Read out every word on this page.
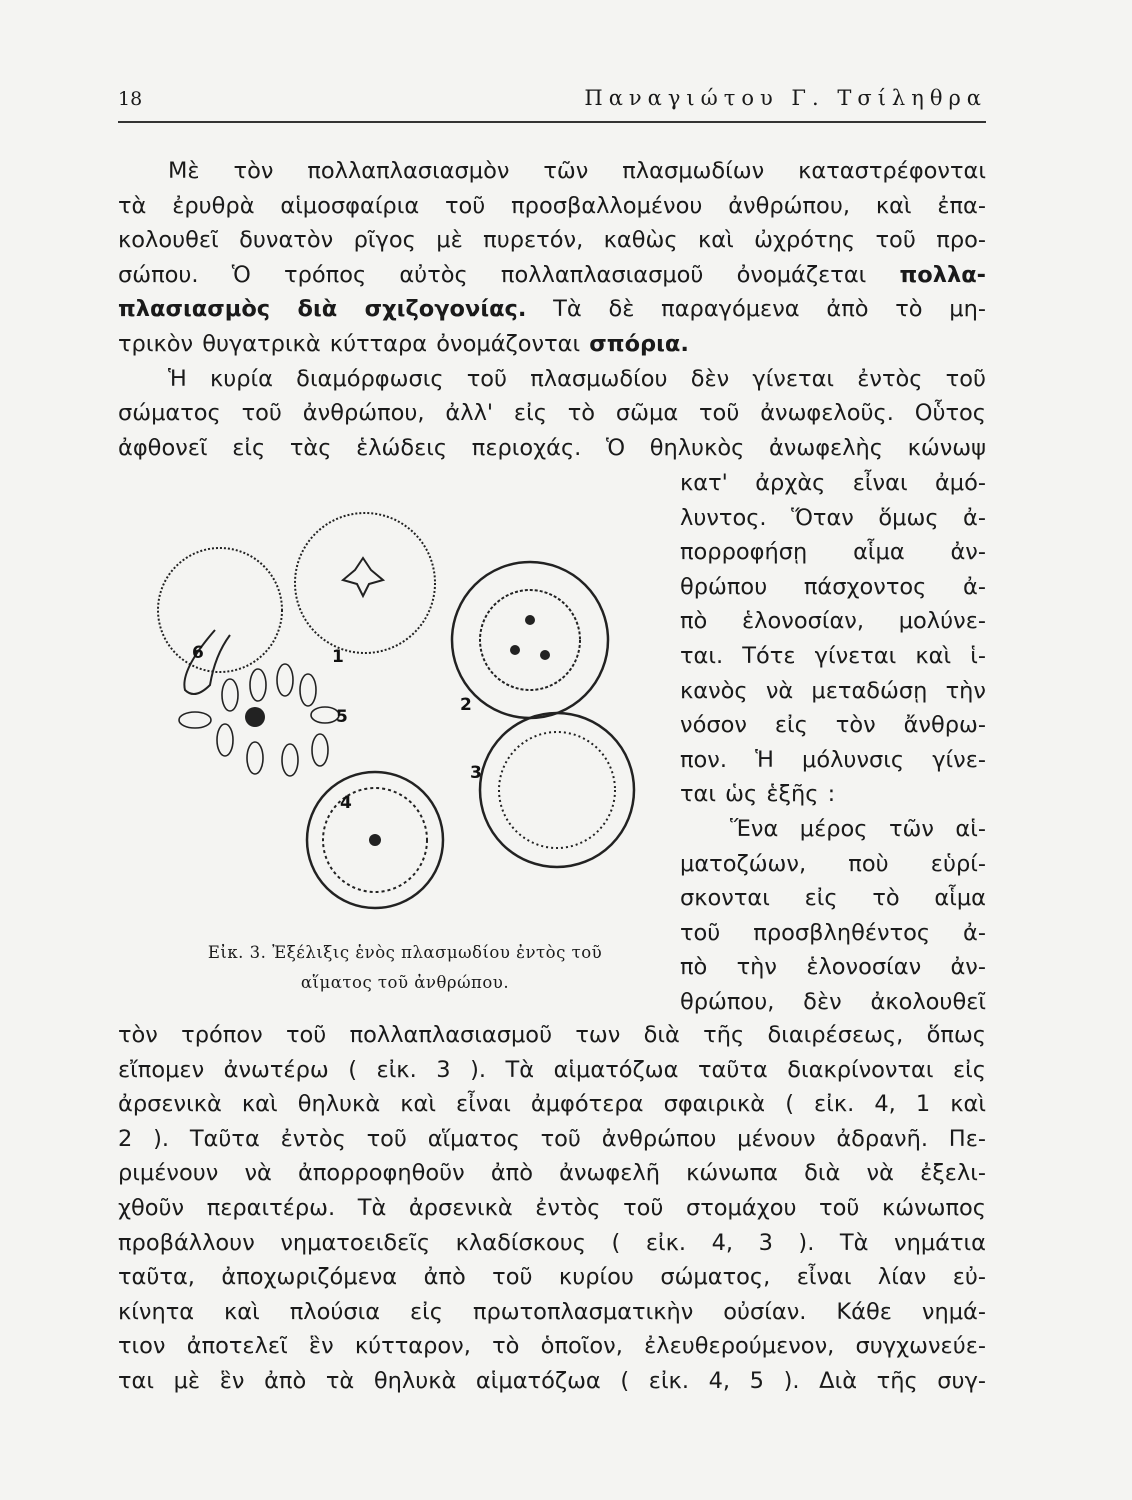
18	Παναγιώτου Γ. Τσίληθρα
Μὲ τὸν πολλαπλασιασμὸν τῶν πλασμωδίων καταστρέφονται
τὰ ἐρυθρὰ αἱμοσφαίρια τοῦ προσβαλλομένου ἀνθρώπου, καὶ ἐπα-
κολουθεῖ δυνατὸν ρῖγος μὲ πυρετόν, καθὼς καὶ ὠχρότης τοῦ προ-
σώπου. Ὁ τρόπος αὐτὸς πολλαπλασιασμοῦ ὀνομάζεται πολλα-
πλασιασμὸς διὰ σχιζογονίας. Τὰ δὲ παραγόμενα ἀπὸ τὸ μη-
τρικὸν θυγατρικὰ κύτταρα ὀνομάζονται σπόρια.
Ἡ κυρία διαμόρφωσις τοῦ πλασμωδίου δὲν γίνεται ἐντὸς τοῦ
σώματος τοῦ ἀνθρώπου, ἀλλ' εἰς τὸ σῶμα τοῦ ἀνωφελοῦς. Οὗτος
ἀφθονεῖ εἰς τὰς ἑλώδεις περιοχάς. Ὁ θηλυκὸς ἀνωφελὴς κώνωψ
κατ' ἀρχὰς εἶναι ἀμό-
λυντος. Ὅταν ὅμως ἀ-
πορροφήσῃ αἷμα ἀν-
θρώπου πάσχοντος ἀ-
πὸ ἑλονοσίαν, μολύνε-
ται. Τότε γίνεται καὶ ἱ-
κανὸς νὰ μεταδώσῃ τὴν
νόσον εἰς τὸν ἄνθρω-
πον. Ἡ μόλυνσις γίνε-
ται ὡς ἑξῆς :
Ἕνα μέρος τῶν αἱ-
ματοζώων, ποὺ εὑρί-
σκονται εἰς τὸ αἷμα
τοῦ προσβληθέντος ἀ-
πὸ τὴν ἑλονοσίαν ἀν-
θρώπου, δὲν ἀκολουθεῖ
τὸν τρόπον τοῦ πολλαπλασιασμοῦ των διὰ τῆς διαιρέσεως, ὅπως
εἴπομεν ἀνωτέρω ( εἰκ. 3 ). Τὰ αἱματόζωα ταῦτα διακρίνονται εἰς
ἀρσενικὰ καὶ θηλυκὰ καὶ εἶναι ἀμφότερα σφαιρικὰ ( εἰκ. 4, 1 καὶ
2 ). Ταῦτα ἐντὸς τοῦ αἵματος τοῦ ἀνθρώπου μένουν ἀδρανῆ. Πε-
ριμένουν νὰ ἀπορροφηθοῦν ἀπὸ ἀνωφελῆ κώνωπα διὰ νὰ ἐξελι-
χθοῦν περαιτέρω. Τὰ ἀρσενικὰ ἐντὸς τοῦ στομάχου τοῦ κώνωπος
προβάλλουν νηματοειδεῖς κλαδίσκους ( εἰκ. 4, 3 ). Τὰ νημάτια
ταῦτα, ἀποχωριζόμενα ἀπὸ τοῦ κυρίου σώματος, εἶναι λίαν εὐ-
κίνητα καὶ πλούσια εἰς πρωτοπλασματικὴν οὐσίαν. Κάθε νημά-
τιον ἀποτελεῖ ἓν κύτταρον, τὸ ὁποῖον, ἐλευθερούμενον, συγχωνεύε-
ται μὲ ἓν ἀπὸ τὰ θηλυκὰ αἱματόζωα ( εἰκ. 4, 5 ). Διὰ τῆς συγ-
6	1
2
5
4
3
Εἰκ. 3. Ἐξέλιξις ἑνὸς πλασμωδίου ἐντὸς τοῦ
αἵματος τοῦ ἀνθρώπου.
